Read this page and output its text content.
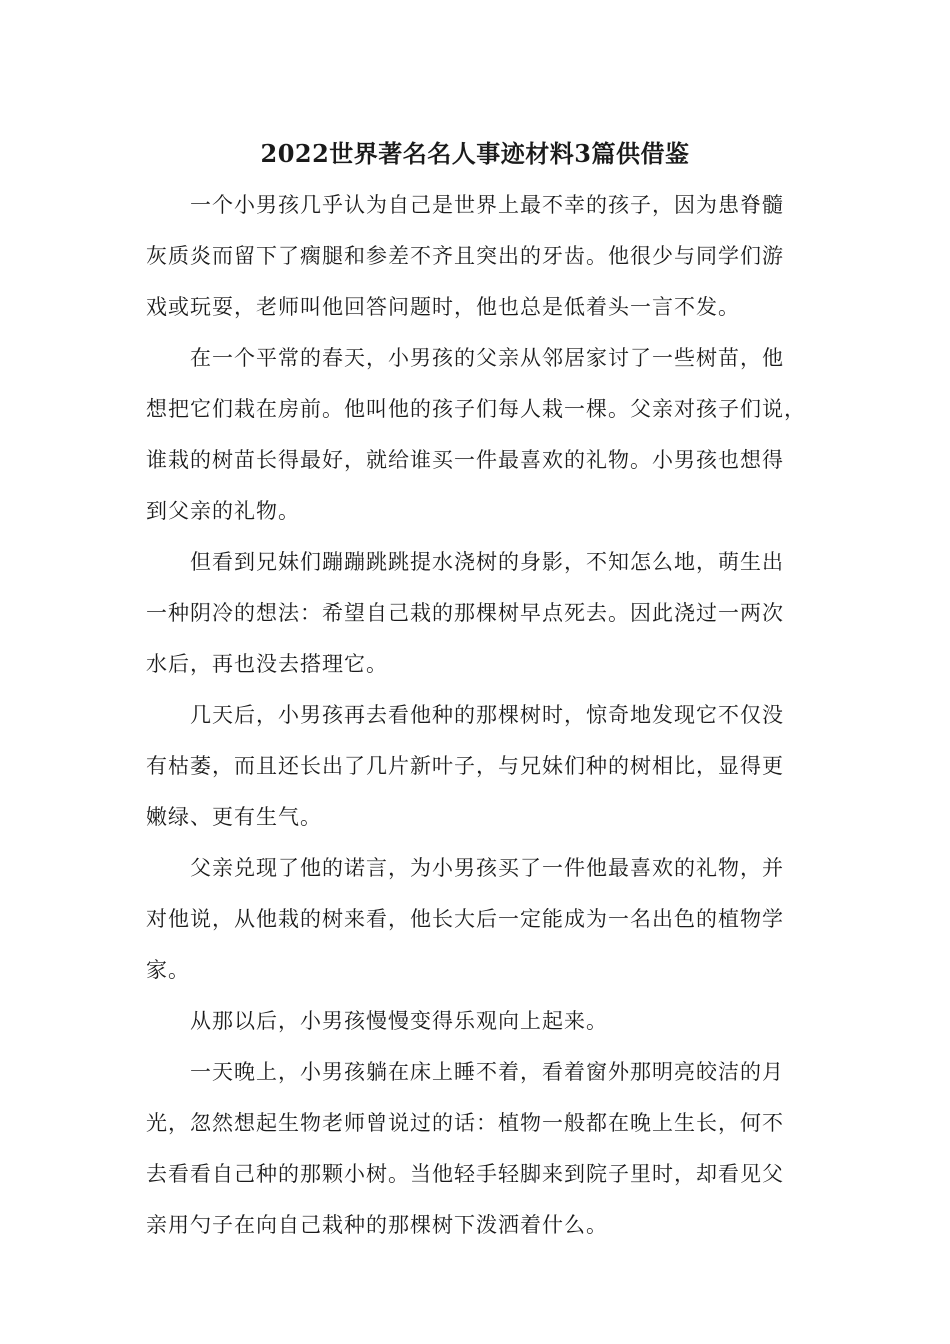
2022世界著名名人事迹材料3篇供借鉴
一个小男孩几乎认为自己是世界上最不幸的孩子，因为患脊髓
灰质炎而留下了瘸腿和参差不齐且突出的牙齿。他很少与同学们游
戏或玩耍，老师叫他回答问题时，他也总是低着头一言不发。
在一个平常的春天，小男孩的父亲从邻居家讨了一些树苗，他
想把它们栽在房前。他叫他的孩子们每人栽一棵。父亲对孩子们说，
谁栽的树苗长得最好，就给谁买一件最喜欢的礼物。小男孩也想得
到父亲的礼物。
但看到兄妹们蹦蹦跳跳提水浇树的身影，不知怎么地，萌生出
一种阴冷的想法：希望自己栽的那棵树早点死去。因此浇过一两次
水后，再也没去搭理它。
几天后，小男孩再去看他种的那棵树时，惊奇地发现它不仅没
有枯萎，而且还长出了几片新叶子，与兄妹们种的树相比，显得更
嫩绿、更有生气。
父亲兑现了他的诺言，为小男孩买了一件他最喜欢的礼物，并
对他说，从他栽的树来看，他长大后一定能成为一名出色的植物学
家。
从那以后，小男孩慢慢变得乐观向上起来。
一天晚上，小男孩躺在床上睡不着，看着窗外那明亮皎洁的月
光，忽然想起生物老师曾说过的话：植物一般都在晚上生长，何不
去看看自己种的那颗小树。当他轻手轻脚来到院子里时，却看见父
亲用勺子在向自己栽种的那棵树下泼洒着什么。
